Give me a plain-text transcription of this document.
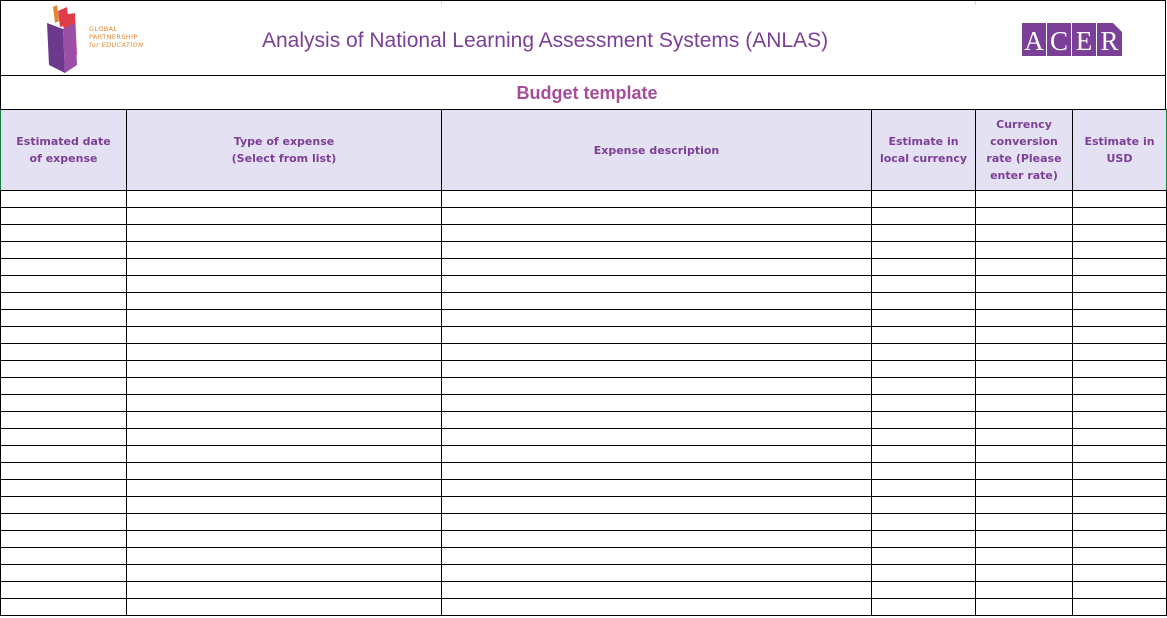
GLOBAL
PARTNERSHIP
for EDUCATION	Analysis of National Learning Assessment Systems (ANLAS)	A C E R
Budget template
Estimated date of expense	Type of expense (Select from list)	Expense description	Estimate in local currency	Currency conversion rate (Please enter rate)	Estimate in USD
